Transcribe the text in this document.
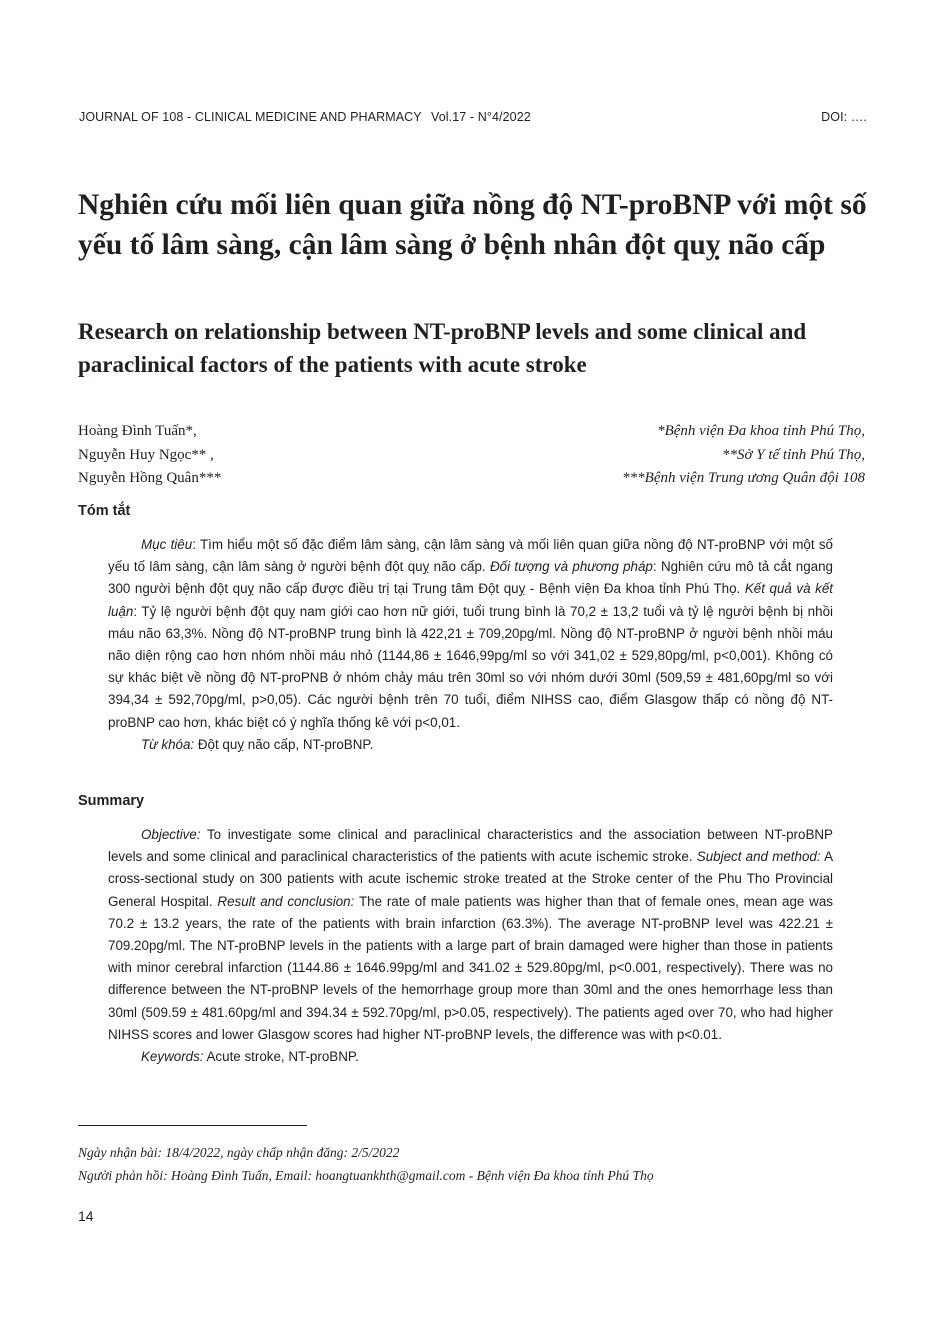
JOURNAL OF 108 - CLINICAL MEDICINE AND PHARMACY Vol.17 - N°4/2022	DOI: ….
Nghiên cứu mối liên quan giữa nồng độ NT-proBNP với một số yếu tố lâm sàng, cận lâm sàng ở bệnh nhân đột quỵ não cấp
Research on relationship between NT-proBNP levels and some clinical and paraclinical factors of the patients with acute stroke
Hoàng Đình Tuấn*,
Nguyễn Huy Ngọc** ,
Nguyễn Hồng Quân***
*Bệnh viện Đa khoa tỉnh Phú Thọ,
**Sở Y tế tỉnh Phú Thọ,
***Bệnh viện Trung ương Quân đội 108
Tóm tắt

Mục tiêu: Tìm hiểu một số đặc điểm lâm sàng, cận lâm sàng và mối liên quan giữa nồng độ NT-proBNP với một số yếu tố lâm sàng, cận lâm sàng ở người bệnh đột quỵ não cấp. Đối tượng và phương pháp: Nghiên cứu mô tả cắt ngang 300 người bệnh đột quỵ não cấp được điều trị tại Trung tâm Đột quỵ - Bệnh viện Đa khoa tỉnh Phú Thọ. Kết quả và kết luận: Tỷ lệ người bệnh đột quỵ nam giới cao hơn nữ giới, tuổi trung bình là 70,2 ± 13,2 tuổi và tỷ lệ người bệnh bị nhồi máu não 63,3%. Nồng độ NT-proBNP trung bình là 422,21 ± 709,20pg/ml. Nồng độ NT-proBNP ở người bệnh nhồi máu não diện rộng cao hơn nhóm nhồi máu nhỏ (1144,86 ± 1646,99pg/ml so với 341,02 ± 529,80pg/ml, p<0,001). Không có sự khác biệt về nồng độ NT-proPNB ở nhóm chảy máu trên 30ml so với nhóm dưới 30ml (509,59 ± 481,60pg/ml so với 394,34 ± 592,70pg/ml, p>0,05). Các người bệnh trên 70 tuổi, điểm NIHSS cao, điểm Glasgow thấp có nồng độ NT-proBNP cao hơn, khác biệt có ý nghĩa thống kê với p<0,01.

Từ khóa: Đột quỵ não cấp, NT-proBNP.

Summary

Objective: To investigate some clinical and paraclinical characteristics and the association between NT-proBNP levels and some clinical and paraclinical characteristics of the patients with acute ischemic stroke. Subject and method: A cross-sectional study on 300 patients with acute ischemic stroke treated at the Stroke center of the Phu Tho Provincial General Hospital. Result and conclusion: The rate of male patients was higher than that of female ones, mean age was 70.2 ± 13.2 years, the rate of the patients with brain infarction (63.3%). The average NT-proBNP level was 422.21 ± 709.20pg/ml. The NT-proBNP levels in the patients with a large part of brain damaged were higher than those in patients with minor cerebral infarction (1144.86 ± 1646.99pg/ml and 341.02 ± 529.80pg/ml, p<0.001, respectively). There was no difference between the NT-proBNP levels of the hemorrhage group more than 30ml and the ones hemorrhage less than 30ml (509.59 ± 481.60pg/ml and 394.34 ± 592.70pg/ml, p>0.05, respectively). The patients aged over 70, who had higher NIHSS scores and lower Glasgow scores had higher NT-proBNP levels, the difference was with p<0.01.

Keywords: Acute stroke, NT-proBNP.

Ngày nhận bài: 18/4/2022, ngày chấp nhận đăng: 2/5/2022
Người phản hồi: Hoàng Đình Tuấn, Email: hoangtuankhth@gmail.com - Bệnh viện Đa khoa tỉnh Phú Thọ
14
